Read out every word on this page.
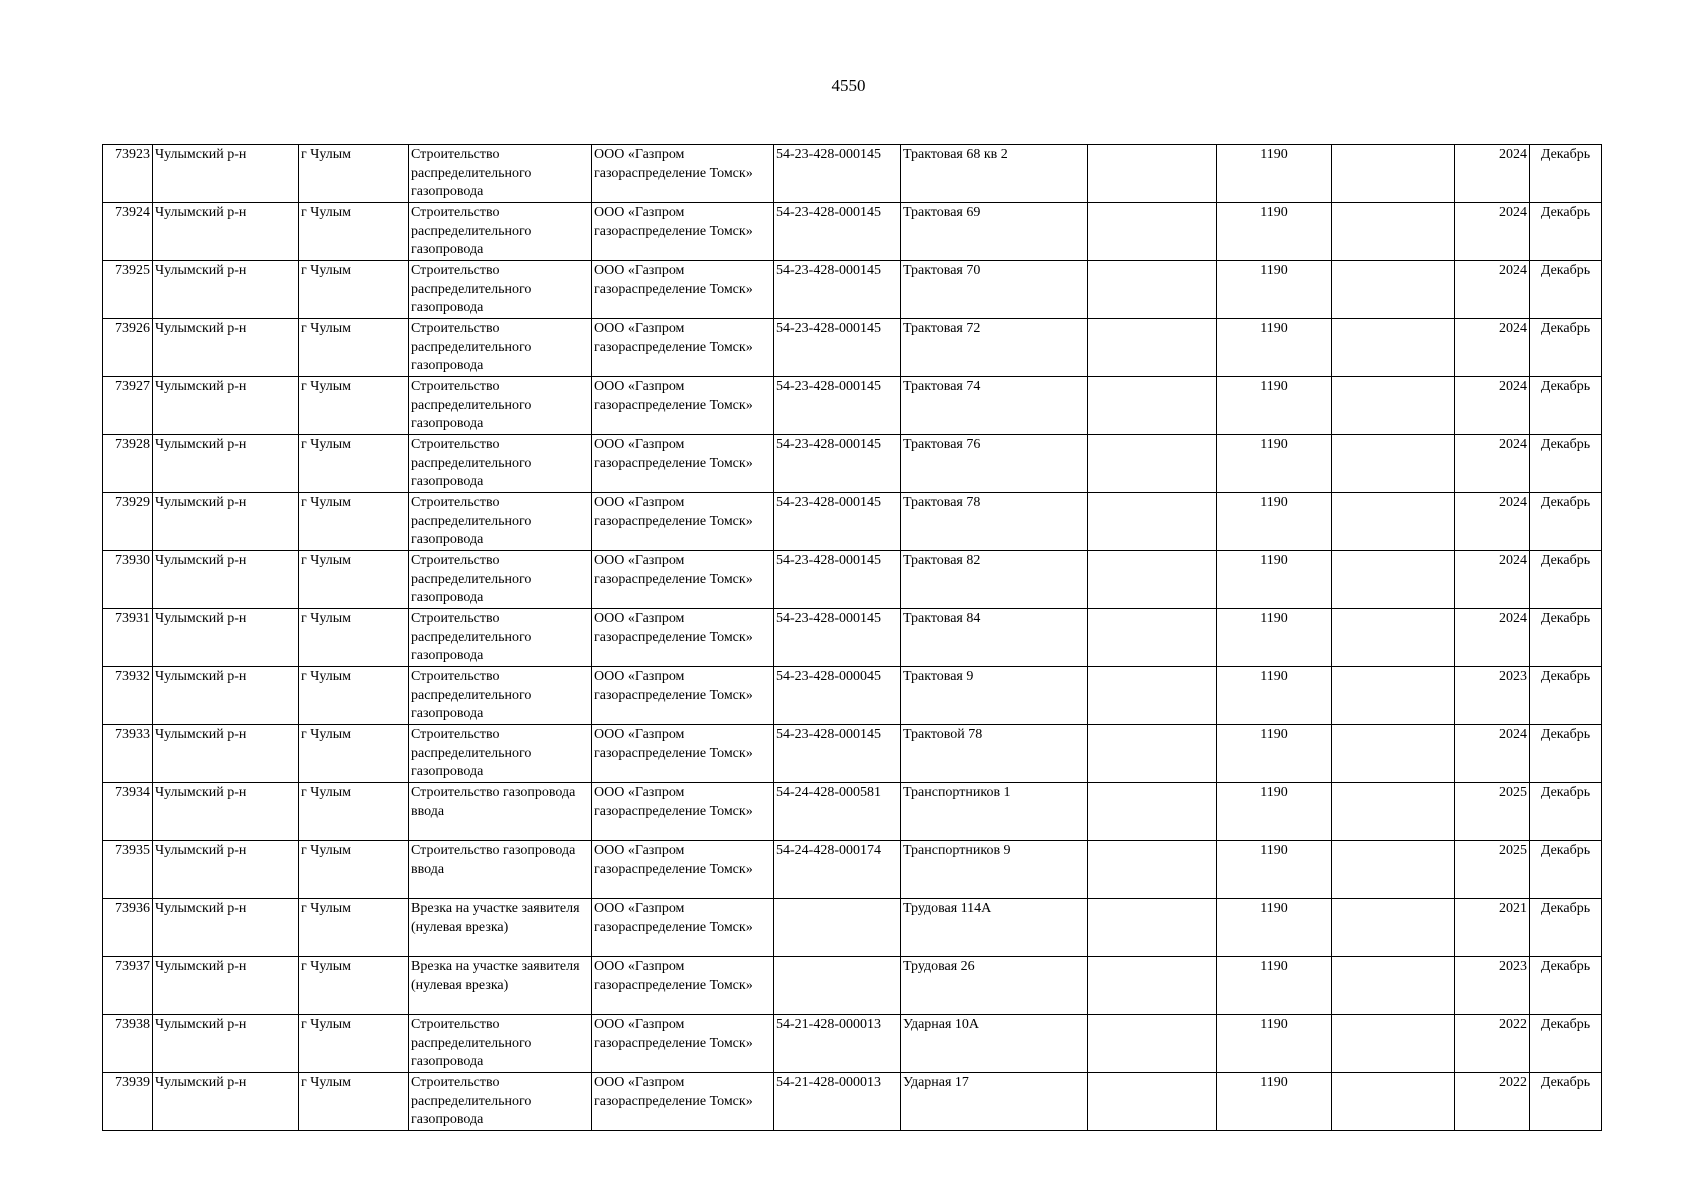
4550
73923	Чулымский р-н	г Чулым	Строительство распределительного газопровода	ООО «Газпром газораспределение Томск»	54-23-428-000145	Трактовая 68 кв 2		1190		2024	Декабрь
73924	Чулымский р-н	г Чулым	Строительство распределительного газопровода	ООО «Газпром газораспределение Томск»	54-23-428-000145	Трактовая 69		1190		2024	Декабрь
73925	Чулымский р-н	г Чулым	Строительство распределительного газопровода	ООО «Газпром газораспределение Томск»	54-23-428-000145	Трактовая 70		1190		2024	Декабрь
73926	Чулымский р-н	г Чулым	Строительство распределительного газопровода	ООО «Газпром газораспределение Томск»	54-23-428-000145	Трактовая 72		1190		2024	Декабрь
73927	Чулымский р-н	г Чулым	Строительство распределительного газопровода	ООО «Газпром газораспределение Томск»	54-23-428-000145	Трактовая 74		1190		2024	Декабрь
73928	Чулымский р-н	г Чулым	Строительство распределительного газопровода	ООО «Газпром газораспределение Томск»	54-23-428-000145	Трактовая 76		1190		2024	Декабрь
73929	Чулымский р-н	г Чулым	Строительство распределительного газопровода	ООО «Газпром газораспределение Томск»	54-23-428-000145	Трактовая 78		1190		2024	Декабрь
73930	Чулымский р-н	г Чулым	Строительство распределительного газопровода	ООО «Газпром газораспределение Томск»	54-23-428-000145	Трактовая 82		1190		2024	Декабрь
73931	Чулымский р-н	г Чулым	Строительство распределительного газопровода	ООО «Газпром газораспределение Томск»	54-23-428-000145	Трактовая 84		1190		2024	Декабрь
73932	Чулымский р-н	г Чулым	Строительство распределительного газопровода	ООО «Газпром газораспределение Томск»	54-23-428-000045	Трактовая 9		1190		2023	Декабрь
73933	Чулымский р-н	г Чулым	Строительство распределительного газопровода	ООО «Газпром газораспределение Томск»	54-23-428-000145	Трактовой 78		1190		2024	Декабрь
73934	Чулымский р-н	г Чулым	Строительство газопровода ввода	ООО «Газпром газораспределение Томск»	54-24-428-000581	Транспортников 1		1190		2025	Декабрь
73935	Чулымский р-н	г Чулым	Строительство газопровода ввода	ООО «Газпром газораспределение Томск»	54-24-428-000174	Транспортников 9		1190		2025	Декабрь
73936	Чулымский р-н	г Чулым	Врезка на участке заявителя (нулевая врезка)	ООО «Газпром газораспределение Томск»		Трудовая 114А		1190		2021	Декабрь
73937	Чулымский р-н	г Чулым	Врезка на участке заявителя (нулевая врезка)	ООО «Газпром газораспределение Томск»		Трудовая 26		1190		2023	Декабрь
73938	Чулымский р-н	г Чулым	Строительство распределительного газопровода	ООО «Газпром газораспределение Томск»	54-21-428-000013	Ударная 10А		1190		2022	Декабрь
73939	Чулымский р-н	г Чулым	Строительство распределительного газопровода	ООО «Газпром газораспределение Томск»	54-21-428-000013	Ударная 17		1190		2022	Декабрь
